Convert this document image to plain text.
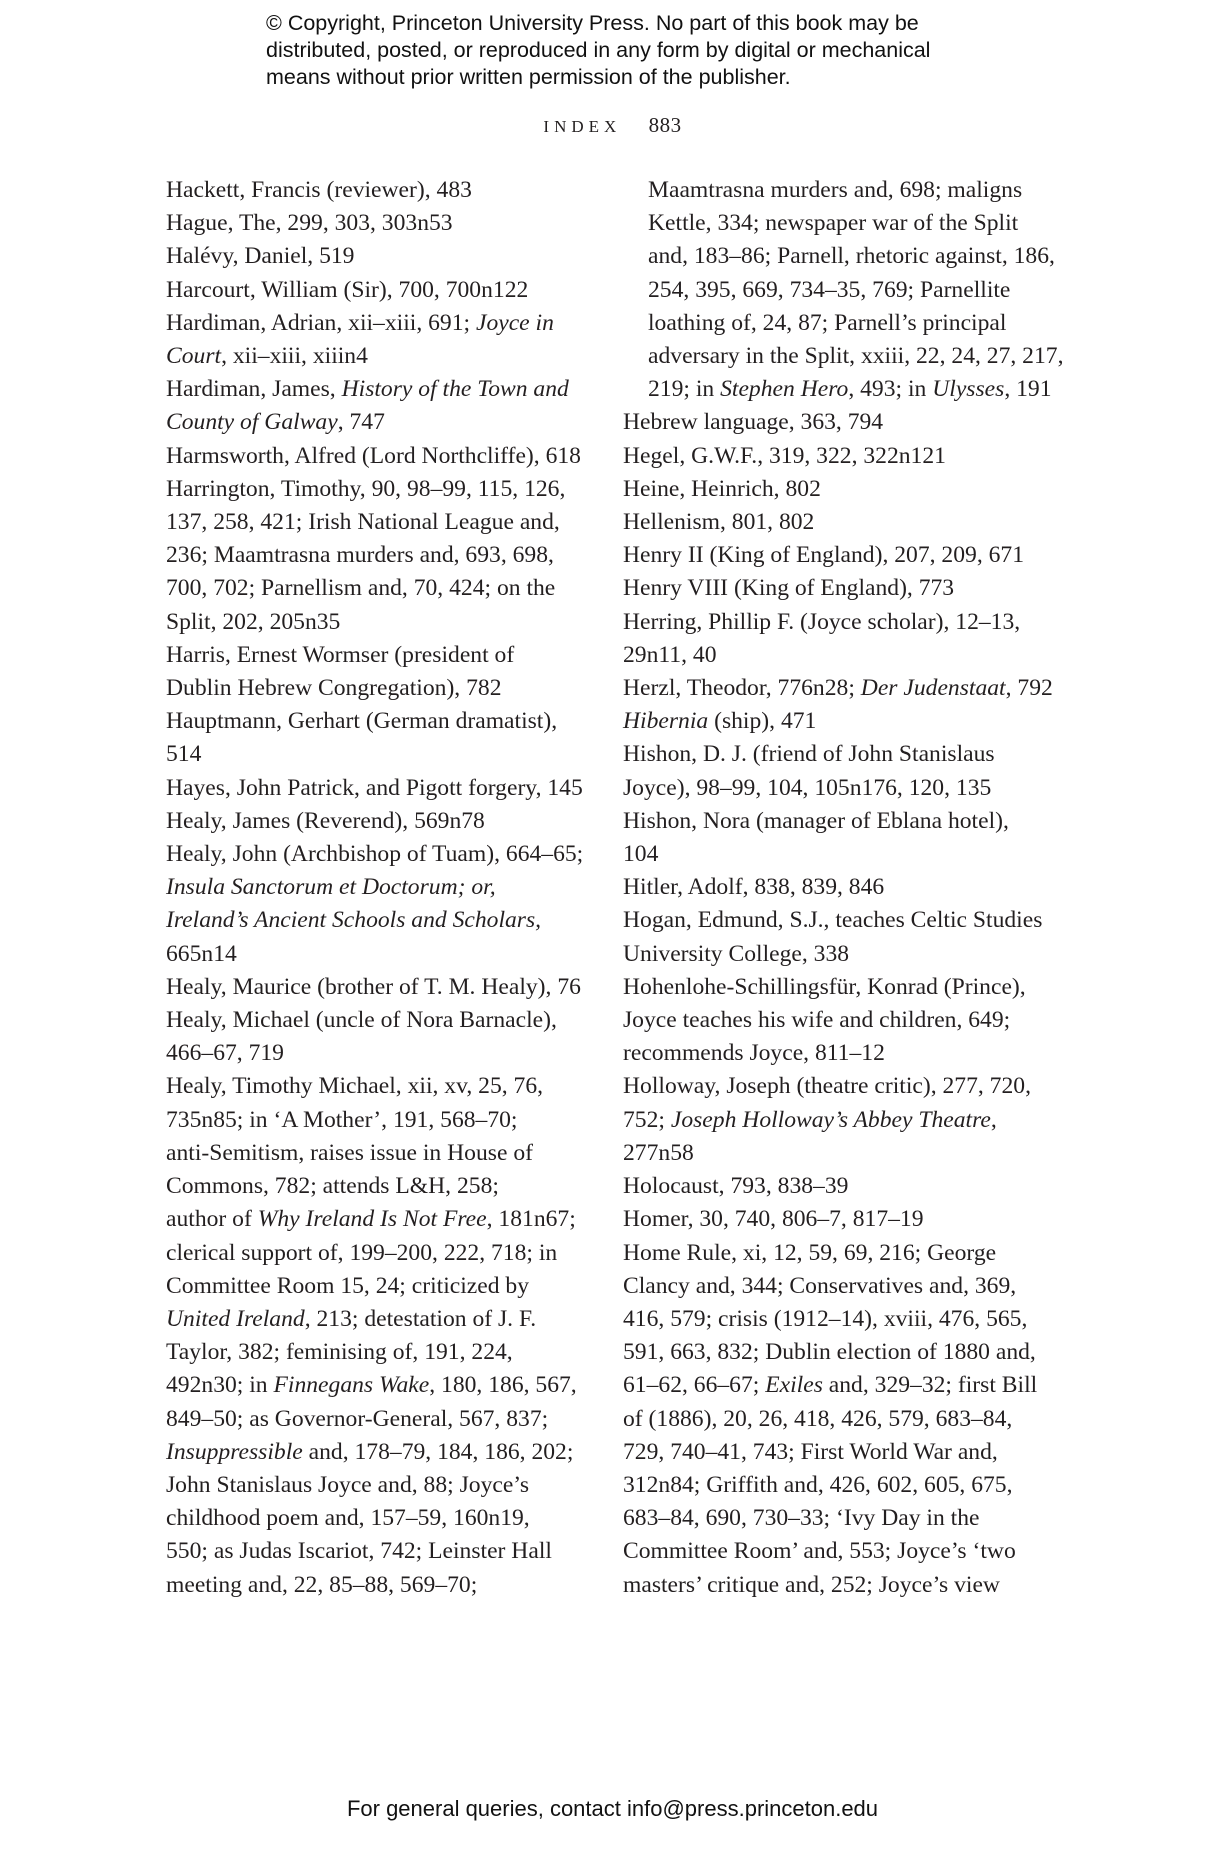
© Copyright, Princeton University Press. No part of this book may be
distributed, posted, or reproduced in any form by digital or mechanical
means without prior written permission of the publisher.
INDEX 883
Hackett, Francis (reviewer), 483
Hague, The, 299, 303, 303n53
Halévy, Daniel, 519
Harcourt, William (Sir), 700, 700n122
Hardiman, Adrian, xii–xiii, 691; Joyce in
Court, xii–xiii, xiiin4
Hardiman, James, History of the Town and
County of Galway, 747
Harmsworth, Alfred (Lord Northcliffe), 618
Harrington, Timothy, 90, 98–99, 115, 126,
137, 258, 421; Irish National League and,
236; Maamtrasna murders and, 693, 698,
700, 702; Parnellism and, 70, 424; on the
Split, 202, 205n35
Harris, Ernest Wormser (president of
Dublin Hebrew Congregation), 782
Hauptmann, Gerhart (German dramatist),
514
Hayes, John Patrick, and Pigott forgery, 145
Healy, James (Reverend), 569n78
Healy, John (Archbishop of Tuam), 664–65;
Insula Sanctorum et Doctorum; or,
Ireland’s Ancient Schools and Scholars,
665n14
Healy, Maurice (brother of T. M. Healy), 76
Healy, Michael (uncle of Nora Barnacle),
466–67, 719
Healy, Timothy Michael, xii, xv, 25, 76,
735n85; in ‘A Mother’, 191, 568–70;
anti-Semitism, raises issue in House of
Commons, 782; attends L&H, 258;
author of Why Ireland Is Not Free, 181n67;
clerical support of, 199–200, 222, 718; in
Committee Room 15, 24; criticized by
United Ireland, 213; detestation of J. F.
Taylor, 382; feminising of, 191, 224,
492n30; in Finnegans Wake, 180, 186, 567,
849–50; as Governor-General, 567, 837;
Insuppressible and, 178–79, 184, 186, 202;
John Stanislaus Joyce and, 88; Joyce’s
childhood poem and, 157–59, 160n19,
550; as Judas Iscariot, 742; Leinster Hall
meeting and, 22, 85–88, 569–70;
Maamtrasna murders and, 698; maligns
Kettle, 334; newspaper war of the Split
and, 183–86; Parnell, rhetoric against, 186,
254, 395, 669, 734–35, 769; Parnellite
loathing of, 24, 87; Parnell’s principal
adversary in the Split, xxiii, 22, 24, 27, 217,
219; in Stephen Hero, 493; in Ulysses, 191
Hebrew language, 363, 794
Hegel, G.W.F., 319, 322, 322n121
Heine, Heinrich, 802
Hellenism, 801, 802
Henry II (King of England), 207, 209, 671
Henry VIII (King of England), 773
Herring, Phillip F. (Joyce scholar), 12–13,
29n11, 40
Herzl, Theodor, 776n28; Der Judenstaat, 792
Hibernia (ship), 471
Hishon, D. J. (friend of John Stanislaus
Joyce), 98–99, 104, 105n176, 120, 135
Hishon, Nora (manager of Eblana hotel),
104
Hitler, Adolf, 838, 839, 846
Hogan, Edmund, S.J., teaches Celtic Studies
University College, 338
Hohenlohe-Schillingsfür, Konrad (Prince),
Joyce teaches his wife and children, 649;
recommends Joyce, 811–12
Holloway, Joseph (theatre critic), 277, 720,
752; Joseph Holloway’s Abbey Theatre,
277n58
Holocaust, 793, 838–39
Homer, 30, 740, 806–7, 817–19
Home Rule, xi, 12, 59, 69, 216; George
Clancy and, 344; Conservatives and, 369,
416, 579; crisis (1912–14), xviii, 476, 565,
591, 663, 832; Dublin election of 1880 and,
61–62, 66–67; Exiles and, 329–32; first Bill
of (1886), 20, 26, 418, 426, 579, 683–84,
729, 740–41, 743; First World War and,
312n84; Griffith and, 426, 602, 605, 675,
683–84, 690, 730–33; ‘Ivy Day in the
Committee Room’ and, 553; Joyce’s ‘two
masters’ critique and, 252; Joyce’s view
For general queries, contact info@press.princeton.edu
